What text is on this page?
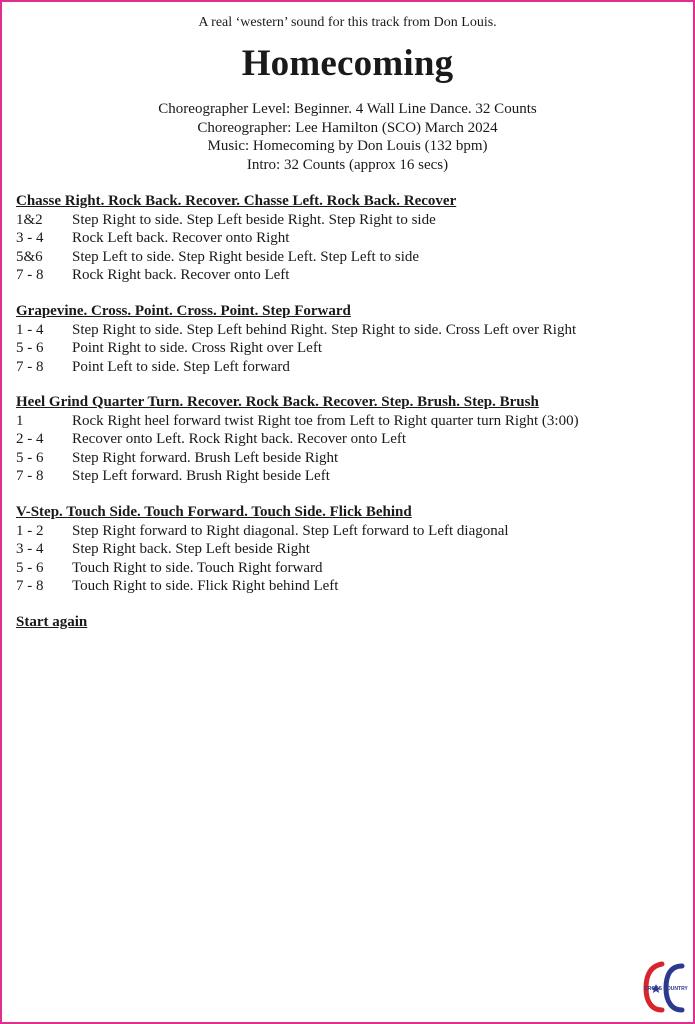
A real ‘western’ sound for this track from Don Louis.
Homecoming
Choreographer Level: Beginner. 4 Wall Line Dance. 32 Counts
Choreographer: Lee Hamilton (SCO) March 2024
Music: Homecoming by Don Louis (132 bpm)
Intro: 32 Counts (approx 16 secs)
Chasse Right. Rock Back. Recover. Chasse Left. Rock Back. Recover
1&2	Step Right to side. Step Left beside Right. Step Right to side
3 - 4	Rock Left back. Recover onto Right
5&6	Step Left to side. Step Right beside Left. Step Left to side
7 - 8	Rock Right back. Recover onto Left
Grapevine. Cross. Point. Cross. Point. Step Forward
1 - 4	Step Right to side. Step Left behind Right. Step Right to side. Cross Left over Right
5 - 6	Point Right to side. Cross Right over Left
7 - 8	Point Left to side. Step Left forward
Heel Grind Quarter Turn. Recover. Rock Back. Recover. Step. Brush. Step. Brush
1	Rock Right heel forward twist Right toe from Left to Right quarter turn Right (3:00)
2 - 4	Recover onto Left. Rock Right back. Recover onto Left
5 - 6	Step Right forward. Brush Left beside Right
7 - 8	Step Left forward. Brush Right beside Left
V-Step. Touch Side. Touch Forward. Touch Side. Flick Behind
1 - 2	Step Right forward to Right diagonal. Step Left forward to Left diagonal
3 - 4	Step Right back. Step Left beside Right
5 - 6	Touch Right to side. Touch Right forward
7 - 8	Touch Right to side. Flick Right behind Left
Start again
CROSS COUNTRY
